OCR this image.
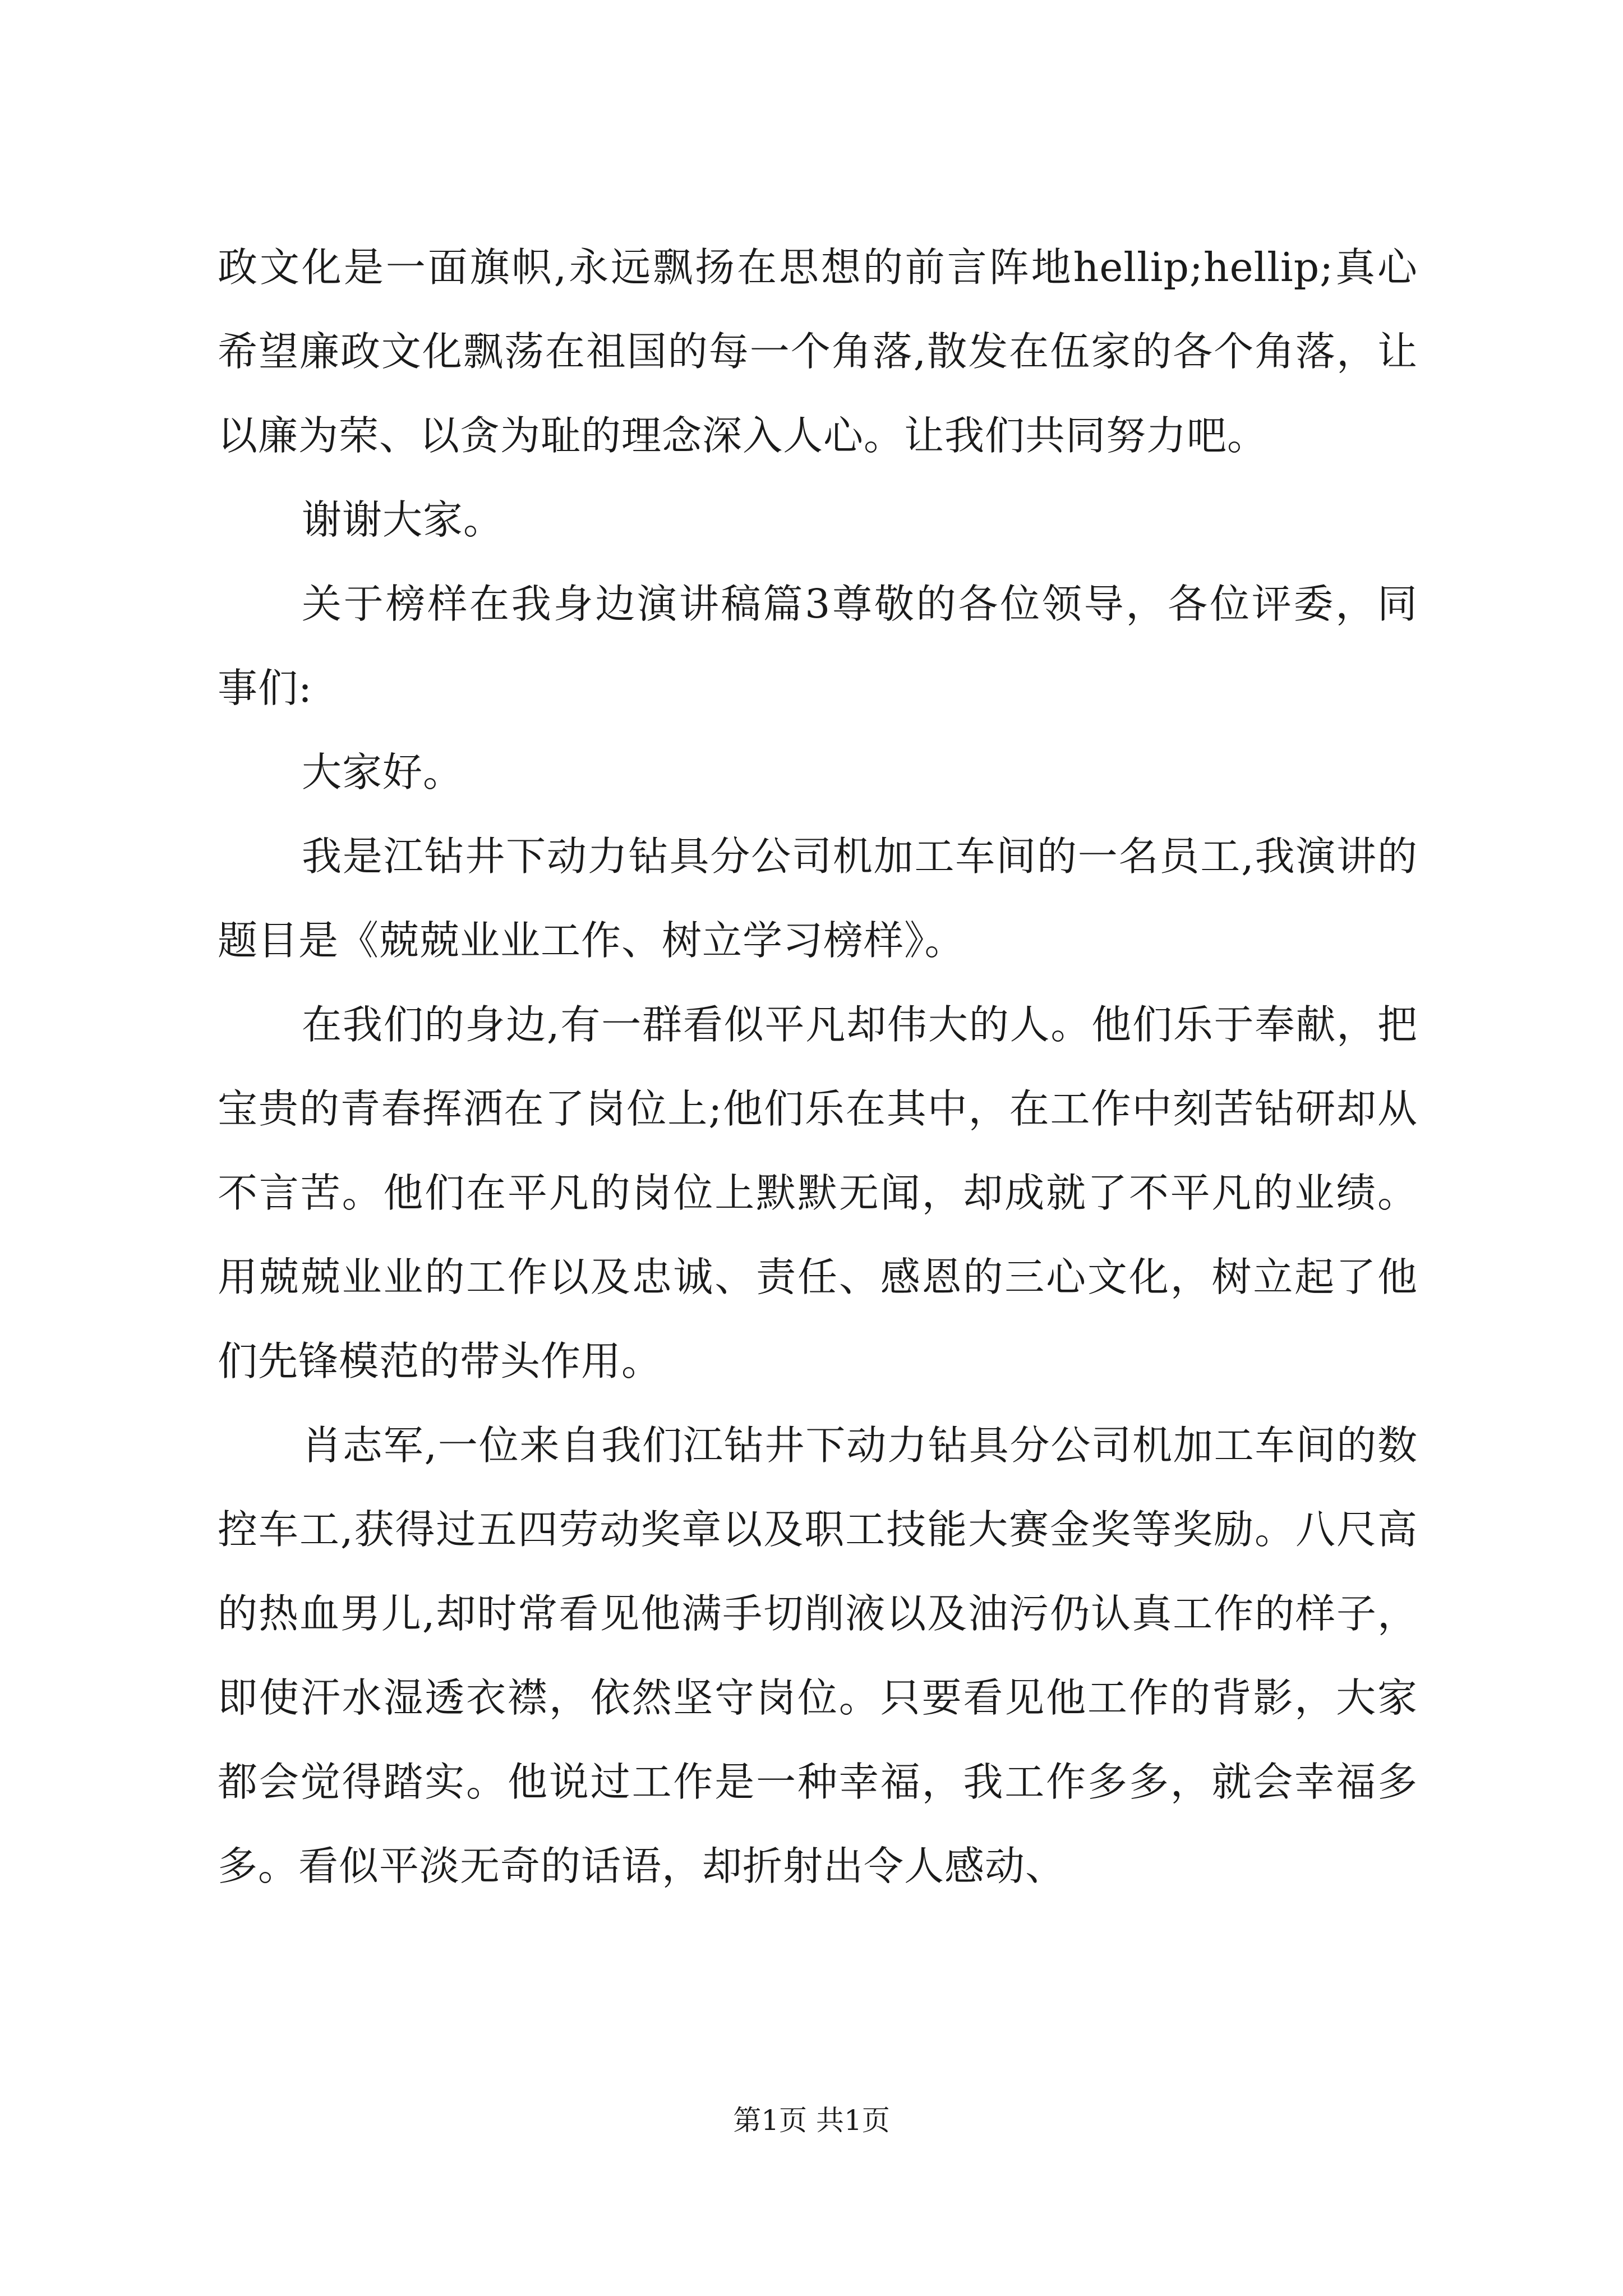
政文化是一面旗帜,永远飘扬在思想的前言阵地hellip;hellip;真心希望廉政文化飘荡在祖国的每一个角落,散发在伍家的各个角落，让以廉为荣、以贪为耻的理念深入人心。让我们共同努力吧。

谢谢大家。

关于榜样在我身边演讲稿篇3尊敬的各位领导，各位评委，同事们:

大家好。

我是江钻井下动力钻具分公司机加工车间的一名员工,我演讲的题目是《兢兢业业工作、树立学习榜样》。

在我们的身边,有一群看似平凡却伟大的人。他们乐于奉献，把宝贵的青春挥洒在了岗位上;他们乐在其中，在工作中刻苦钻研却从不言苦。他们在平凡的岗位上默默无闻，却成就了不平凡的业绩。用兢兢业业的工作以及忠诚、责任、感恩的三心文化，树立起了他们先锋模范的带头作用。

肖志军,一位来自我们江钻井下动力钻具分公司机加工车间的数控车工,获得过五四劳动奖章以及职工技能大赛金奖等奖励。八尺高的热血男儿,却时常看见他满手切削液以及油污仍认真工作的样子，即使汗水湿透衣襟，依然坚守岗位。只要看见他工作的背影，大家都会觉得踏实。他说过工作是一种幸福，我工作多多，就会幸福多多。看似平淡无奇的话语，却折射出令人感动、

第1页 共1页
